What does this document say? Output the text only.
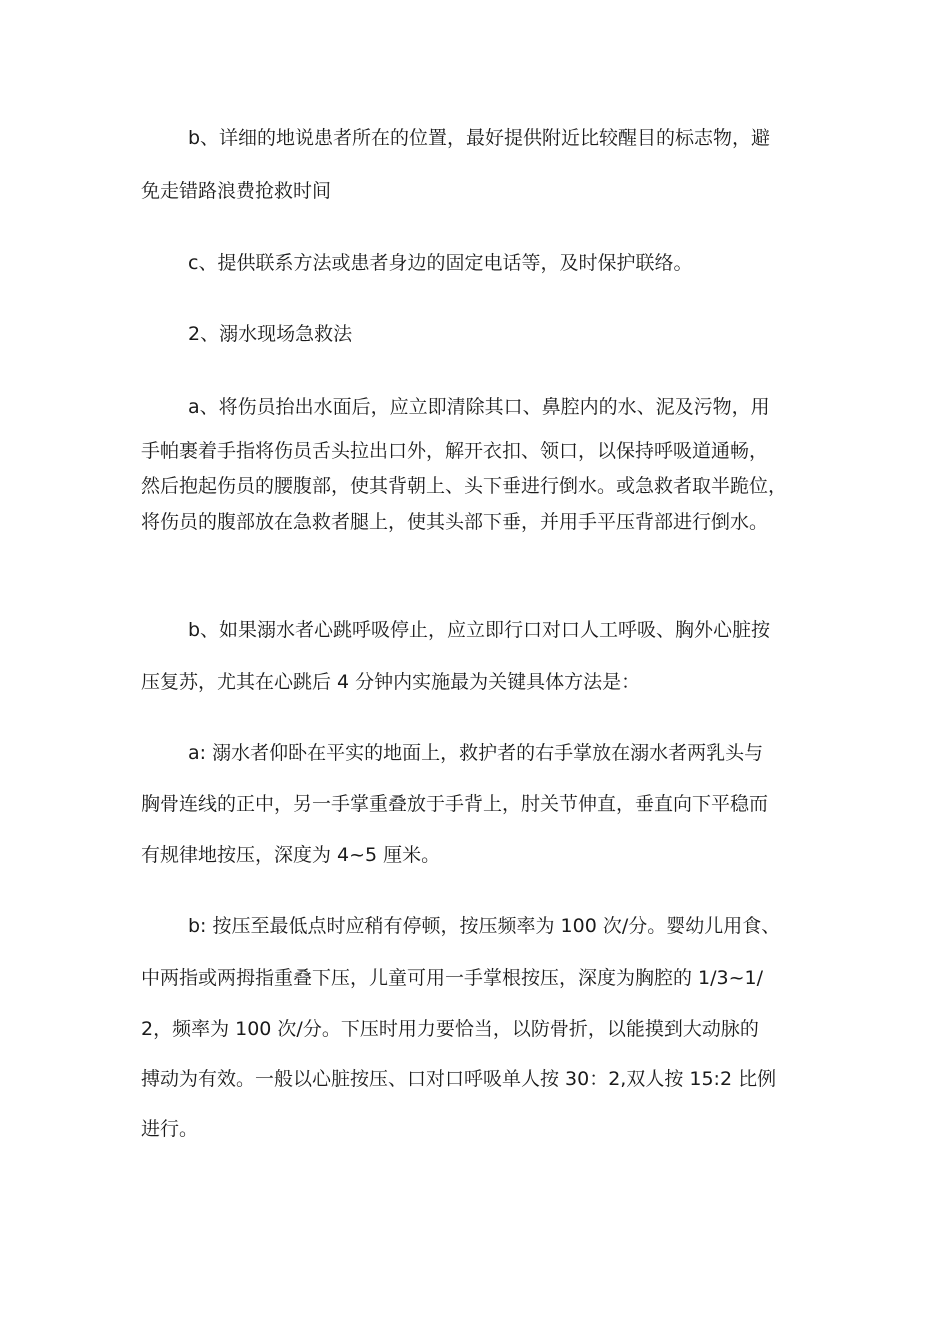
b、详细的地说患者所在的位置，最好提供附近比较醒目的标志物，避
免走错路浪费抢救时间
c、提供联系方法或患者身边的固定电话等，及时保护联络。
2、溺水现场急救法
a、将伤员抬出水面后，应立即清除其口、鼻腔内的水、泥及污物，用
手帕裹着手指将伤员舌头拉出口外，解开衣扣、领口，以保持呼吸道通畅，
然后抱起伤员的腰腹部，使其背朝上、头下垂进行倒水。或急救者取半跪位，
将伤员的腹部放在急救者腿上，使其头部下垂，并用手平压背部进行倒水。
b、如果溺水者心跳呼吸停止，应立即行口对口人工呼吸、胸外心脏按
压复苏，尤其在心跳后 4 分钟内实施最为关键具体方法是：
a: 溺水者仰卧在平实的地面上，救护者的右手掌放在溺水者两乳头与
胸骨连线的正中，另一手掌重叠放于手背上，肘关节伸直，垂直向下平稳而
有规律地按压，深度为 4~5 厘米。
b: 按压至最低点时应稍有停顿，按压频率为 100 次/分。婴幼儿用食、
中两指或两拇指重叠下压，儿童可用一手掌根按压，深度为胸腔的 1/3~1/
2，频率为 100 次/分。下压时用力要恰当，以防骨折，以能摸到大动脉的
搏动为有效。一般以心脏按压、口对口呼吸单人按 30：2,双人按 15:2 比例
进行。
